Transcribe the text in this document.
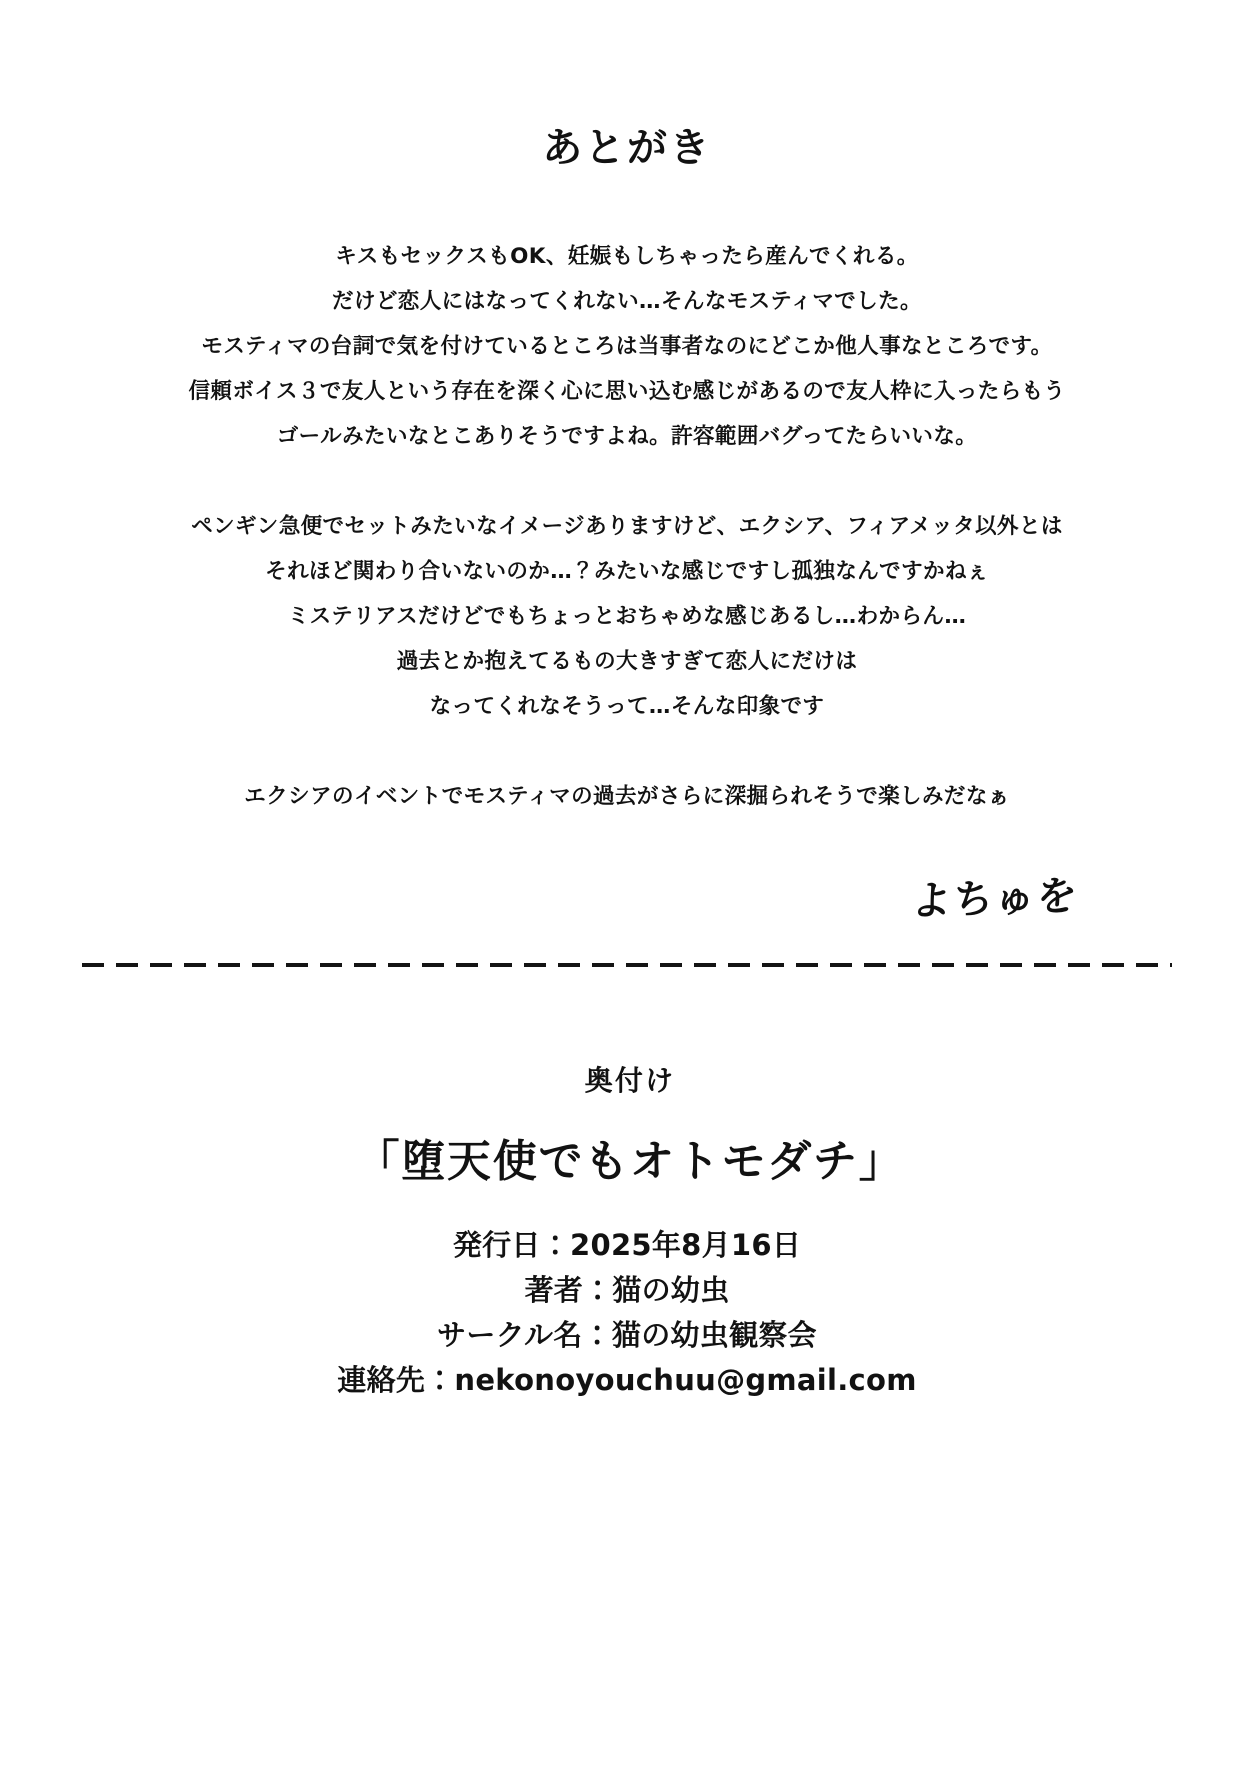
あとがき

キスもセックスもOK、妊娠もしちゃったら産んでくれる。

だけど恋人にはなってくれない…そんなモスティマでした。

モスティマの台詞で気を付けているところは当事者なのにどこか他人事なところです。

信頼ボイス３で友人という存在を深く心に思い込む感じがあるので友人枠に入ったらもう

ゴールみたいなとこありそうですよね。許容範囲バグってたらいいな。

ペンギン急便でセットみたいなイメージありますけど、エクシア、フィアメッタ以外とは

それほど関わり合いないのか…？みたいな感じですし孤独なんですかねぇ

ミステリアスだけどでもちょっとおちゃめな感じあるし…わからん…

過去とか抱えてるもの大きすぎて恋人にだけは

なってくれなそうって…そんな印象です

エクシアのイベントでモスティマの過去がさらに深掘られそうで楽しみだなぁ

よちゅを

奥付け

「堕天使でもオトモダチ」

発行日：2025年8月16日

著者：猫の幼虫

サークル名：猫の幼虫観察会

連絡先：nekonoyouchuu@gmail.com
